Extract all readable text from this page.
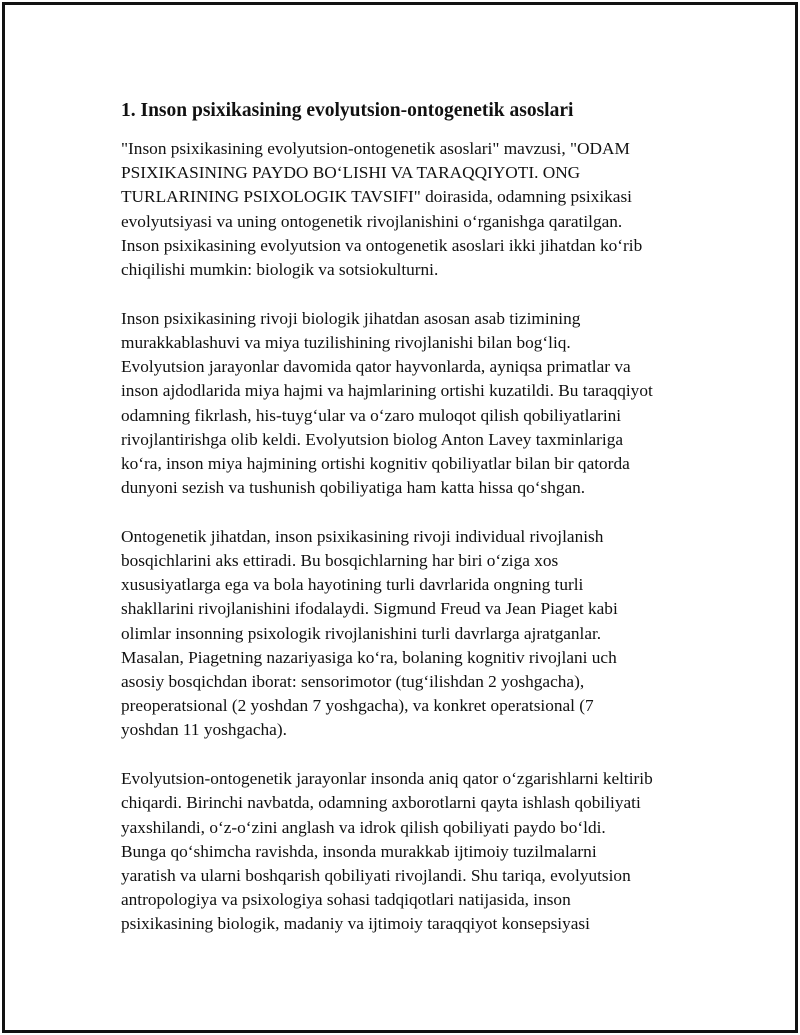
1. Inson psixikasining evolyutsion-ontogenetik asoslari

"Inson psixikasining evolyutsion-ontogenetik asoslari" mavzusi, "ODAM
PSIXIKASINING PAYDO BO‘LISHI VA TARAQQIYOTI. ONG
TURLARINING PSIXOLOGIK TAVSIFI" doirasida, odamning psixikasi
evolyutsiyasi va uning ontogenetik rivojlanishini o‘rganishga qaratilgan.
Inson psixikasining evolyutsion va ontogenetik asoslari ikki jihatdan ko‘rib
chiqilishi mumkin: biologik va sotsiokulturni.

Inson psixikasining rivoji biologik jihatdan asosan asab tizimining
murakkablashuvi va miya tuzilishining rivojlanishi bilan bog‘liq.
Evolyutsion jarayonlar davomida qator hayvonlarda, ayniqsa primatlar va
inson ajdodlarida miya hajmi va hajmlarining ortishi kuzatildi. Bu taraqqiyot
odamning fikrlash, his-tuyg‘ular va o‘zaro muloqot qilish qobiliyatlarini
rivojlantirishga olib keldi. Evolyutsion biolog Anton Lavey taxminlariga
ko‘ra, inson miya hajmining ortishi kognitiv qobiliyatlar bilan bir qatorda
dunyoni sezish va tushunish qobiliyatiga ham katta hissa qo‘shgan.

Ontogenetik jihatdan, inson psixikasining rivoji individual rivojlanish
bosqichlarini aks ettiradi. Bu bosqichlarning har biri o‘ziga xos
xususiyatlarga ega va bola hayotining turli davrlarida ongning turli
shakllarini rivojlanishini ifodalaydi. Sigmund Freud va Jean Piaget kabi
olimlar insonning psixologik rivojlanishini turli davrlarga ajratganlar.
Masalan, Piagetning nazariyasiga ko‘ra, bolaning kognitiv rivojlani uch
asosiy bosqichdan iborat: sensorimotor (tug‘ilishdan 2 yoshgacha),
preoperatsional (2 yoshdan 7 yoshgacha), va konkret operatsional (7
yoshdan 11 yoshgacha).

Evolyutsion-ontogenetik jarayonlar insonda aniq qator o‘zgarishlarni keltirib
chiqardi. Birinchi navbatda, odamning axborotlarni qayta ishlash qobiliyati
yaxshilandi, o‘z-o‘zini anglash va idrok qilish qobiliyati paydo bo‘ldi.
Bunga qo‘shimcha ravishda, insonda murakkab ijtimoiy tuzilmalarni
yaratish va ularni boshqarish qobiliyati rivojlandi. Shu tariqa, evolyutsion
antropologiya va psixologiya sohasi tadqiqotlari natijasida, inson
psixikasining biologik, madaniy va ijtimoiy taraqqiyot konsepsiyasi
